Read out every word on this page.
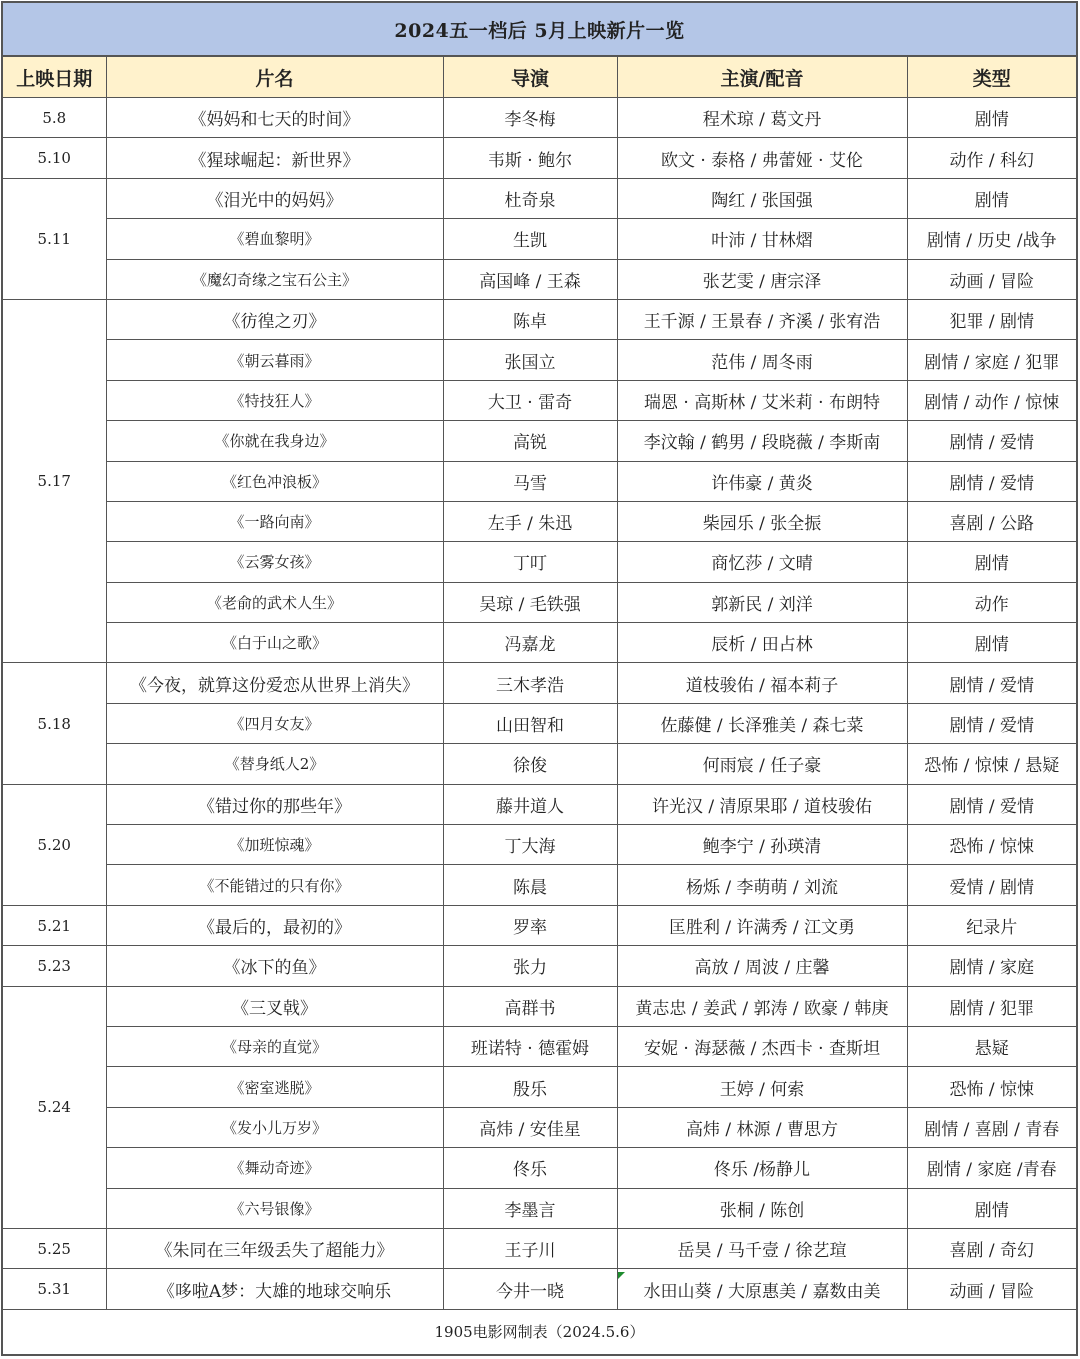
2024五一档后 5月上映新片一览
上映日期	片名	导演	主演/配音	类型
5.8	《妈妈和七天的时间》	李冬梅	程术琼 / 葛文丹	剧情
5.10	《猩球崛起：新世界》	韦斯 · 鲍尔	欧文 · 泰格 / 弗蕾娅 · 艾伦	动作 / 科幻
5.11	《泪光中的妈妈》	杜奇泉	陶红 / 张国强	剧情
	《碧血黎明》	生凯	叶沛 / 甘林熠	剧情 / 历史 /战争
	《魔幻奇缘之宝石公主》	高国峰 / 王森	张艺雯 / 唐宗泽	动画 / 冒险
5.17	《彷徨之刃》	陈卓	王千源 / 王景春 / 齐溪 / 张宥浩	犯罪 / 剧情
	《朝云暮雨》	张国立	范伟 / 周冬雨	剧情 / 家庭 / 犯罪
	《特技狂人》	大卫 · 雷奇	瑞恩 · 高斯林 / 艾米莉 · 布朗特	剧情 / 动作 / 惊悚
	《你就在我身边》	高锐	李汶翰 / 鹤男 / 段晓薇 / 李斯南	剧情 / 爱情
	《红色冲浪板》	马雪	许伟豪 / 黄炎	剧情 / 爱情
	《一路向南》	左手 / 朱迅	柴园乐 / 张全振	喜剧 / 公路
	《云雾女孩》	丁叮	商忆莎 / 文晴	剧情
	《老俞的武术人生》	吴琼 / 毛铁强	郭新民 / 刘洋	动作
	《白于山之歌》	冯嘉龙	辰析 / 田占林	剧情
5.18	《今夜，就算这份爱恋从世界上消失》	三木孝浩	道枝骏佑 / 福本莉子	剧情 / 爱情
	《四月女友》	山田智和	佐藤健 / 长泽雅美 / 森七菜	剧情 / 爱情
	《替身纸人2》	徐俊	何雨宸 / 任子豪	恐怖 / 惊悚 / 悬疑
5.20	《错过你的那些年》	藤井道人	许光汉 / 清原果耶 / 道枝骏佑	剧情 / 爱情
	《加班惊魂》	丁大海	鲍李宁 / 孙瑛清	恐怖 / 惊悚
	《不能错过的只有你》	陈晨	杨烁 / 李萌萌 / 刘流	爱情 / 剧情
5.21	《最后的，最初的》	罗率	匡胜利 / 许满秀 / 江文勇	纪录片
5.23	《冰下的鱼》	张力	高放 / 周波 / 庄馨	剧情 / 家庭
5.24	《三叉戟》	高群书	黄志忠 / 姜武 / 郭涛 / 欧豪 / 韩庚	剧情 / 犯罪
	《母亲的直觉》	班诺特 · 德霍姆	安妮 · 海瑟薇 / 杰西卡 · 查斯坦	悬疑
	《密室逃脱》	殷乐	王婷 / 何索	恐怖 / 惊悚
	《发小儿万岁》	高炜 / 安佳星	高炜 / 林源 / 曹思方	剧情 / 喜剧 / 青春
	《舞动奇迹》	佟乐	佟乐 /杨静儿	剧情 / 家庭 /青春
	《六号银像》	李墨言	张桐 / 陈创	剧情
5.25	《朱同在三年级丢失了超能力》	王子川	岳昊 / 马千壹 / 徐艺瑄	喜剧 / 奇幻
5.31	《哆啦A梦：大雄的地球交响乐	今井一晓	水田山葵 / 大原惠美 / 嘉数由美	动画 / 冒险
1905电影网制表（2024.5.6）
